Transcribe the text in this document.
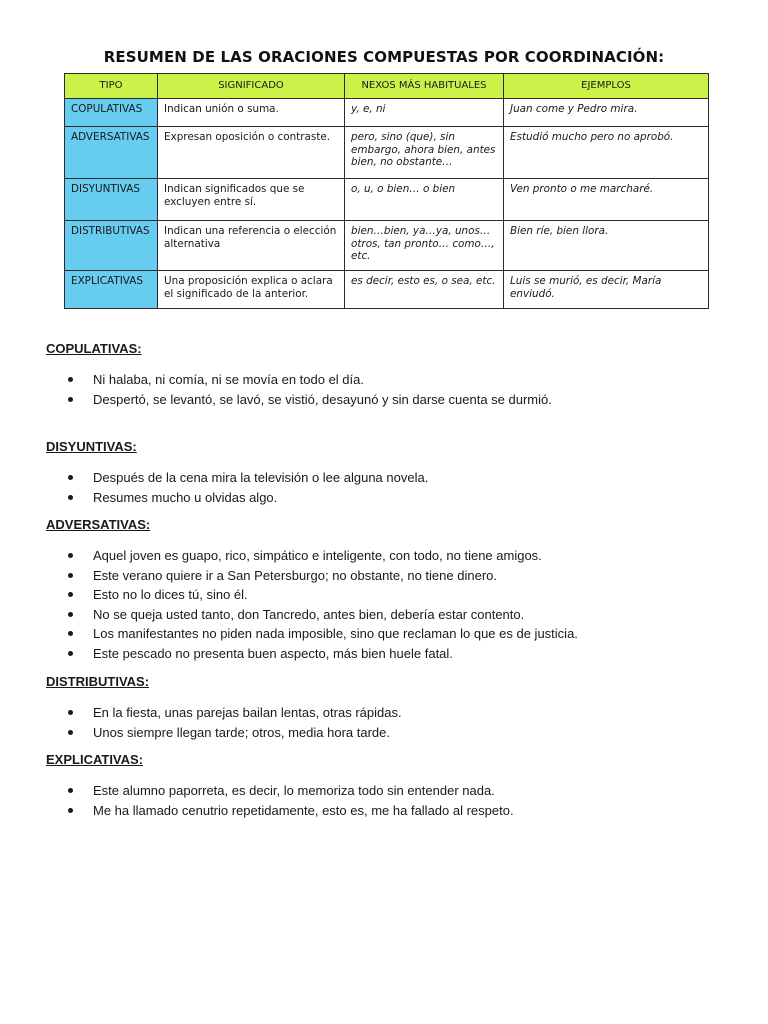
RESUMEN DE LAS ORACIONES COMPUESTAS POR COORDINACIÓN:
TIPO	SIGNIFICADO	NEXOS MÁS HABITUALES	EJEMPLOS
COPULATIVAS	Indican unión o suma.	y, e, ni	Juan come y Pedro mira.
ADVERSATIVAS	Expresan oposición o contraste.	pero, sino (que), sin embargo, ahora bien, antes bien, no obstante…	Estudió mucho pero no aprobó.
DISYUNTIVAS	Indican significados que se excluyen entre sí.	o, u, o bien… o bien	Ven pronto o me marcharé.
DISTRIBUTIVAS	Indican una referencia o elección alternativa	bien…bien, ya…ya, unos…otros, tan pronto… como…, etc.	Bien ríe, bien llora.
EXPLICATIVAS	Una proposición explica o aclara el significado de la anterior.	es decir, esto es, o sea, etc.	Luis se murió, es decir, María enviudó.

COPULATIVAS:

Ni halaba, ni comía, ni se movía en todo el día.
Despertó, se levantó, se lavó, se vistió, desayunó y sin darse cuenta se durmió.

DISYUNTIVAS:

Después de la cena mira la televisión o lee alguna novela.
Resumes mucho u olvidas algo.

ADVERSATIVAS:

Aquel joven es guapo, rico, simpático e inteligente, con todo, no tiene amigos.
Este verano quiere ir a San Petersburgo; no obstante, no tiene dinero.
Esto no lo dices tú, sino él.
No se queja usted tanto, don Tancredo, antes bien, debería estar contento.
Los manifestantes no piden nada imposible, sino que reclaman lo que es de justicia.
Este pescado no presenta buen aspecto, más bien huele fatal.

DISTRIBUTIVAS:

En la fiesta, unas parejas bailan lentas, otras rápidas.
Unos siempre llegan tarde; otros, media hora tarde.

EXPLICATIVAS:

Este alumno paporreta, es decir, lo memoriza todo sin entender nada.
Me ha llamado cenutrio repetidamente, esto es, me ha fallado al respeto.
